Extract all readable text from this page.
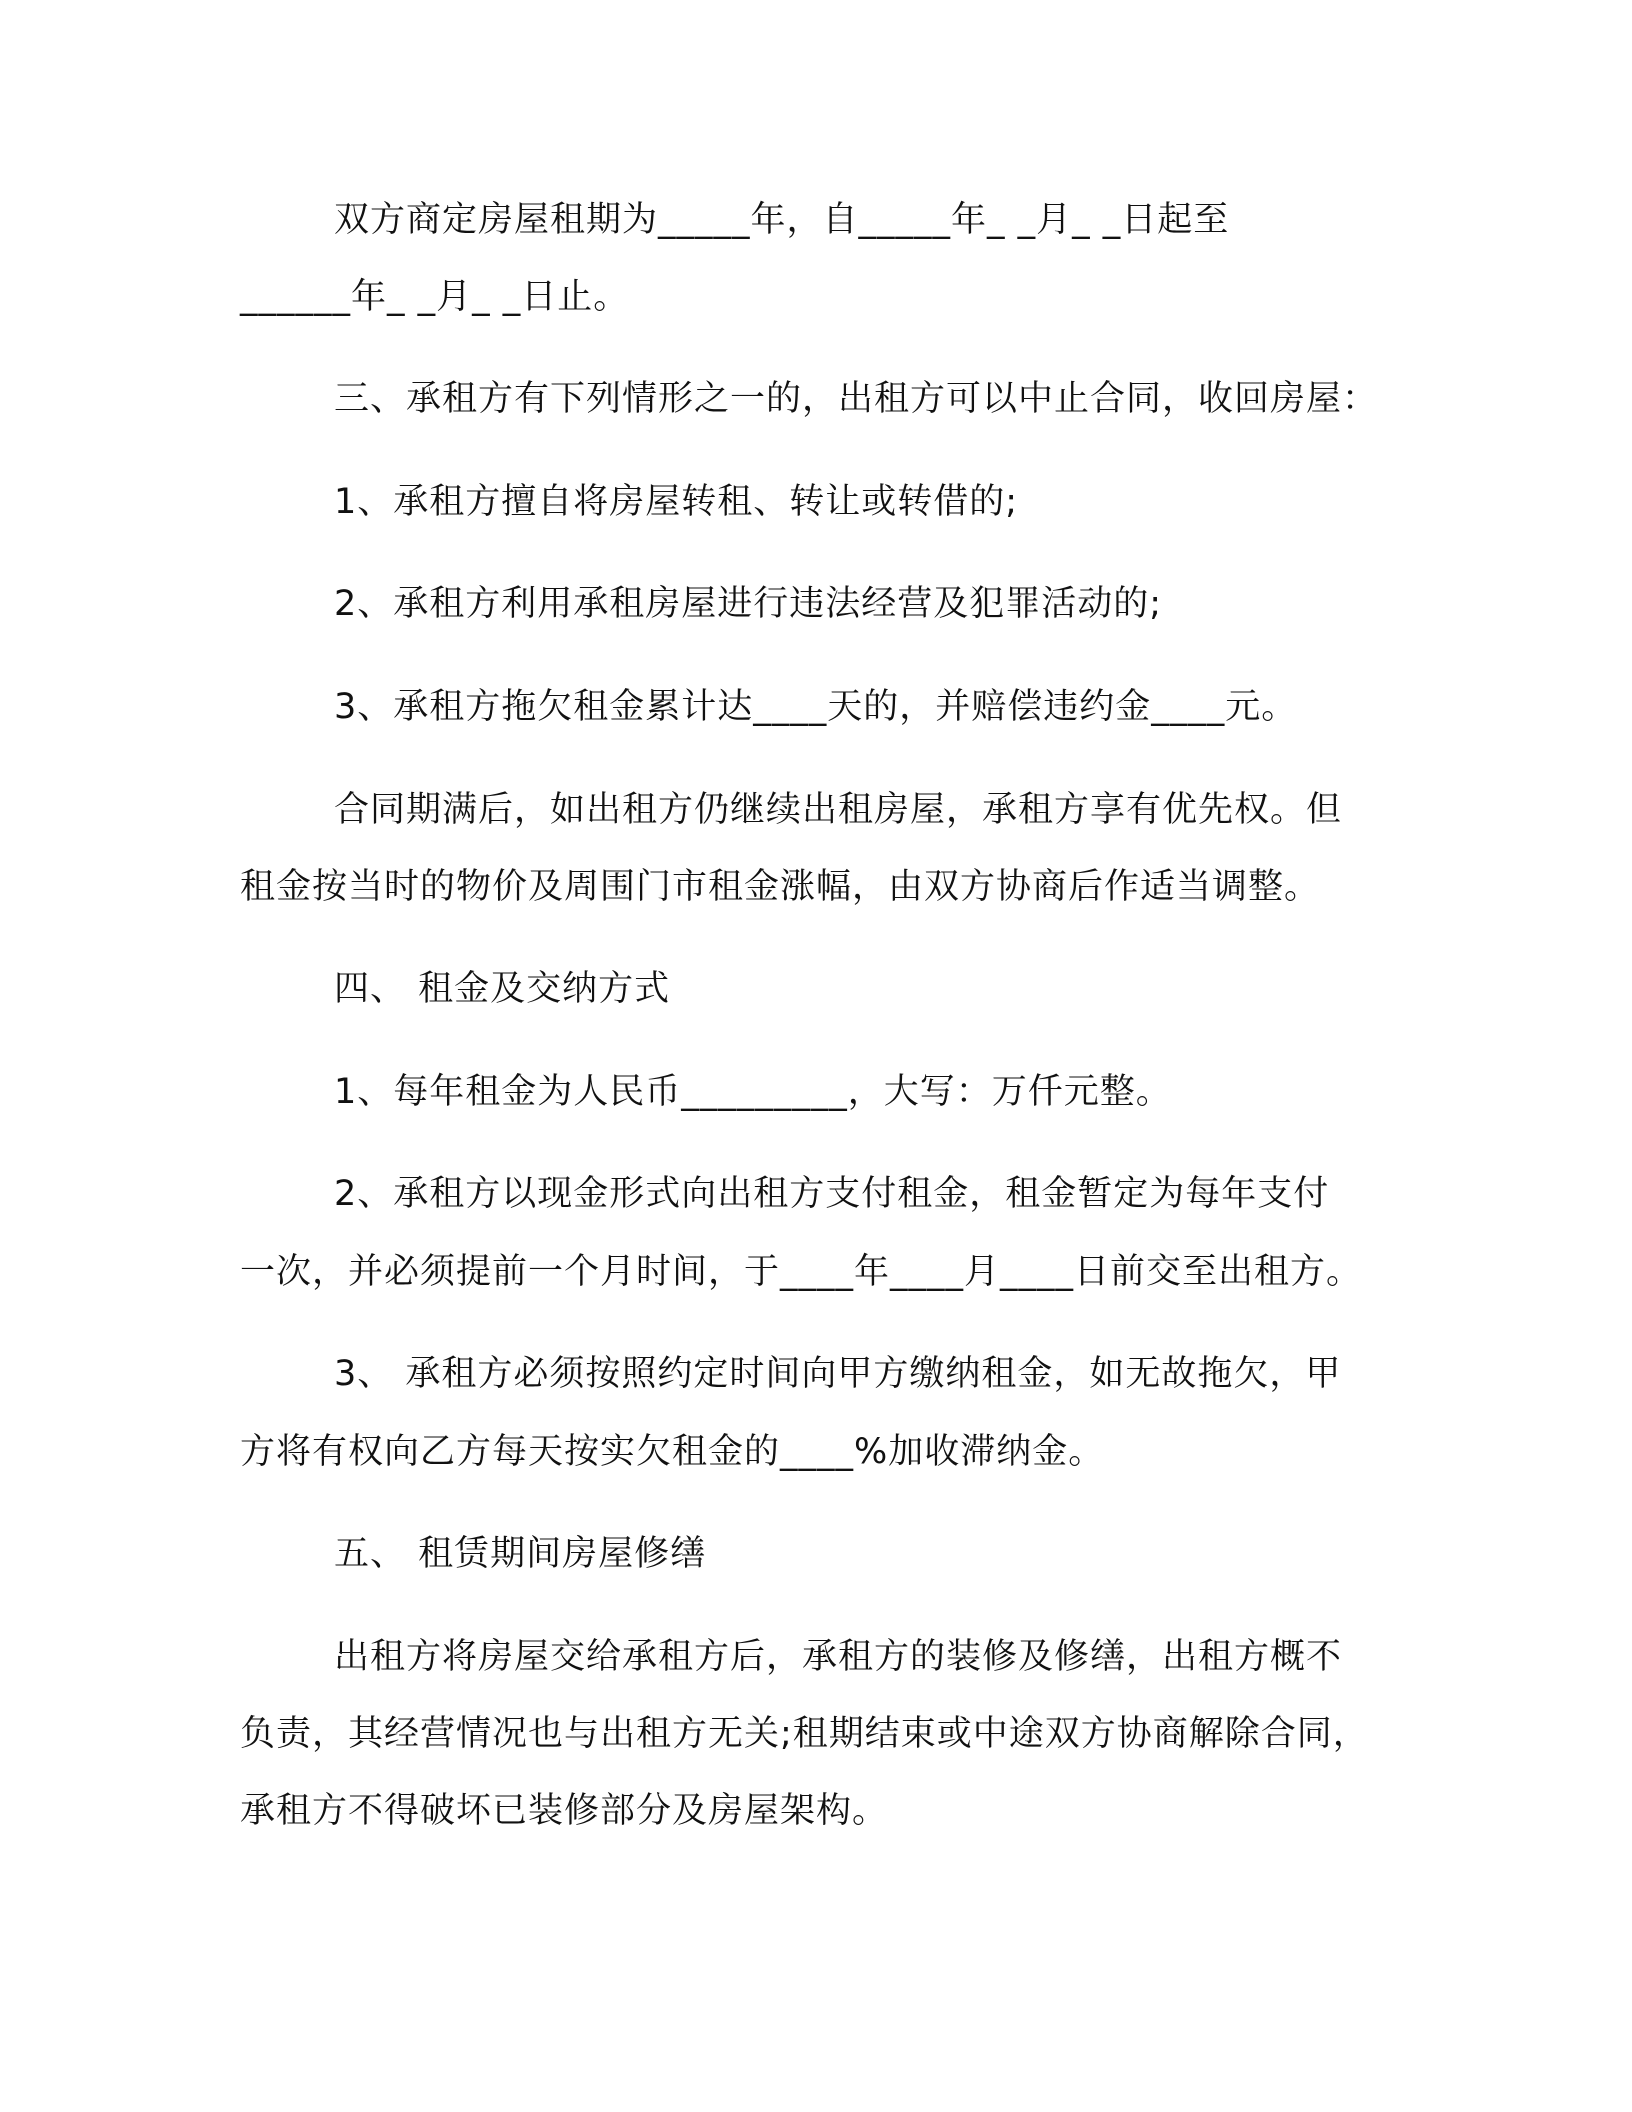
双方商定房屋租期为_____年，自_____年_ _月_ _日起至
______年_ _月_ _日止。
三、承租方有下列情形之一的，出租方可以中止合同，收回房屋：
1、承租方擅自将房屋转租、转让或转借的;
2、承租方利用承租房屋进行违法经营及犯罪活动的;
3、承租方拖欠租金累计达____天的，并赔偿违约金____元。
合同期满后，如出租方仍继续出租房屋，承租方享有优先权。但
租金按当时的物价及周围门市租金涨幅，由双方协商后作适当调整。
四、 租金及交纳方式
1、每年租金为人民币_________，大写：万仟元整。
2、承租方以现金形式向出租方支付租金，租金暂定为每年支付
一次，并必须提前一个月时间，于____年____月____日前交至出租方。
3、 承租方必须按照约定时间向甲方缴纳租金，如无故拖欠，甲
方将有权向乙方每天按实欠租金的____%加收滞纳金。
五、 租赁期间房屋修缮
出租方将房屋交给承租方后，承租方的装修及修缮，出租方概不
负责，其经营情况也与出租方无关;租期结束或中途双方协商解除合同，
承租方不得破坏已装修部分及房屋架构。
